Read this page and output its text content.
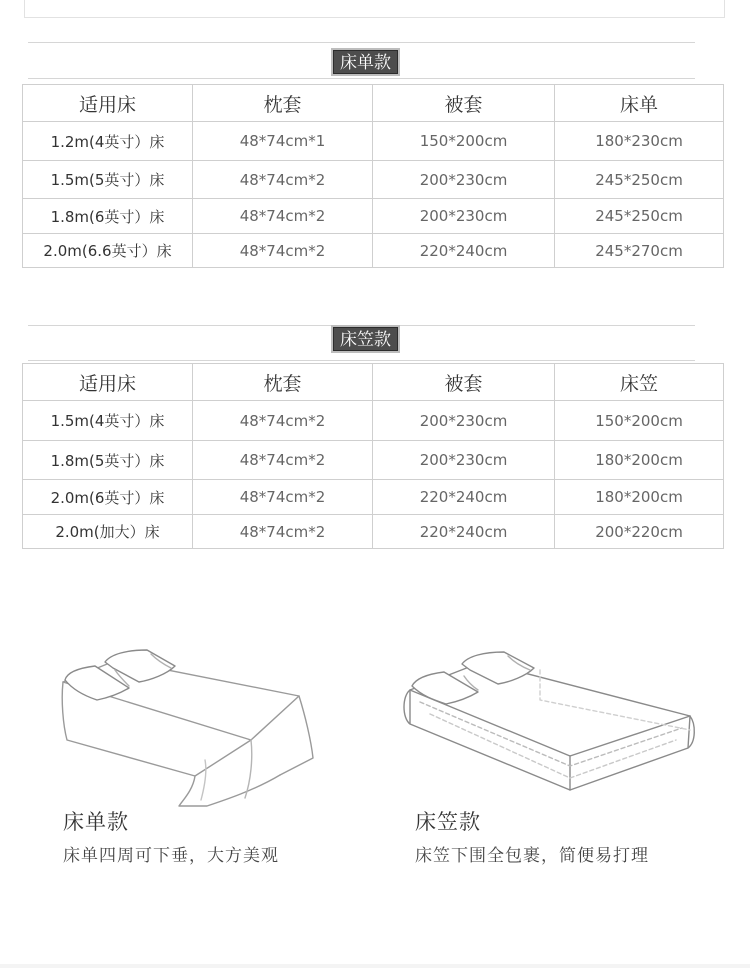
床单款
适用床	枕套	被套	床单
1.2m(4英寸）床	48*74cm*1	150*200cm	180*230cm
1.5m(5英寸）床	48*74cm*2	200*230cm	245*250cm
1.8m(6英寸）床	48*74cm*2	200*230cm	245*250cm
2.0m(6.6英寸）床	48*74cm*2	220*240cm	245*270cm
床笠款
适用床	枕套	被套	床笠
1.5m(4英寸）床	48*74cm*2	200*230cm	150*200cm
1.8m(5英寸）床	48*74cm*2	200*230cm	180*200cm
2.0m(6英寸）床	48*74cm*2	220*240cm	180*200cm
2.0m(加大）床	48*74cm*2	220*240cm	200*220cm
床单款
床单四周可下垂，大方美观
床笠款
床笠下围全包裹，简便易打理
